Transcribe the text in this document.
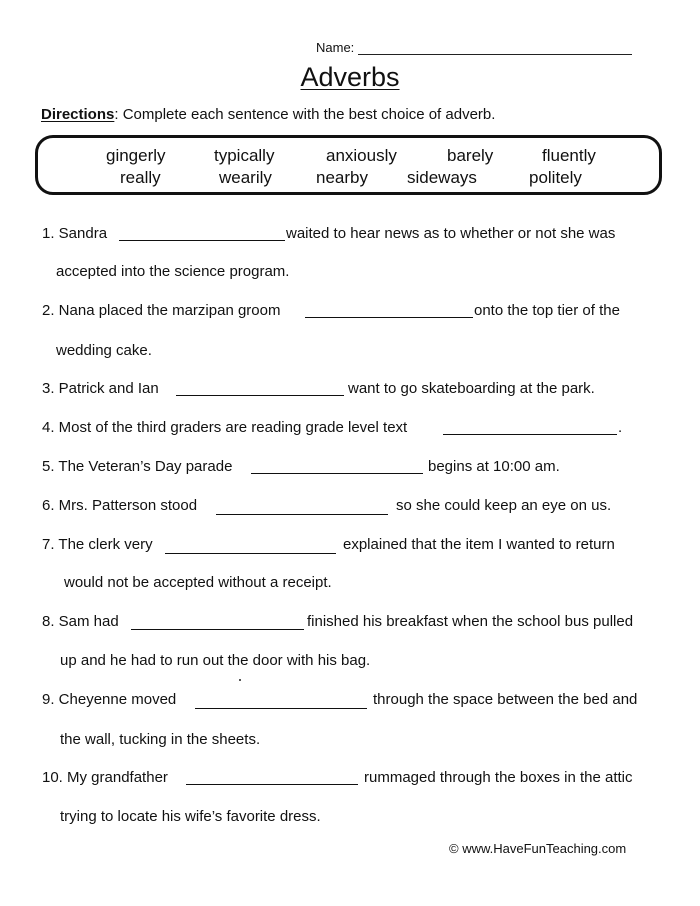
Name:
Adverbs
Directions: Complete each sentence with the best choice of adverb.
gingerly	typically	anxiously	barely	fluently
really	wearily	nearby sideways	politely
1. Sandra	waited to hear news as to whether or not she was
accepted into the science program.
2. Nana placed the marzipan groom	onto the top tier of the
wedding cake.
3. Patrick and Ian	want to go skateboarding at the park.
4. Most of the third graders are reading grade level text	.
5. The Veteran’s Day parade	begins at 10:00 am.
6. Mrs. Patterson stood	so she could keep an eye on us.
7. The clerk very	explained that the item I wanted to return
would not be accepted without a receipt.
8. Sam had	finished his breakfast when the school bus pulled
up and he had to run out the door with his bag.
9. Cheyenne moved	through the space between the bed and
the wall, tucking in the sheets.
10. My grandfather	rummaged through the boxes in the attic
trying to locate his wife’s favorite dress.
© www.HaveFunTeaching.com
